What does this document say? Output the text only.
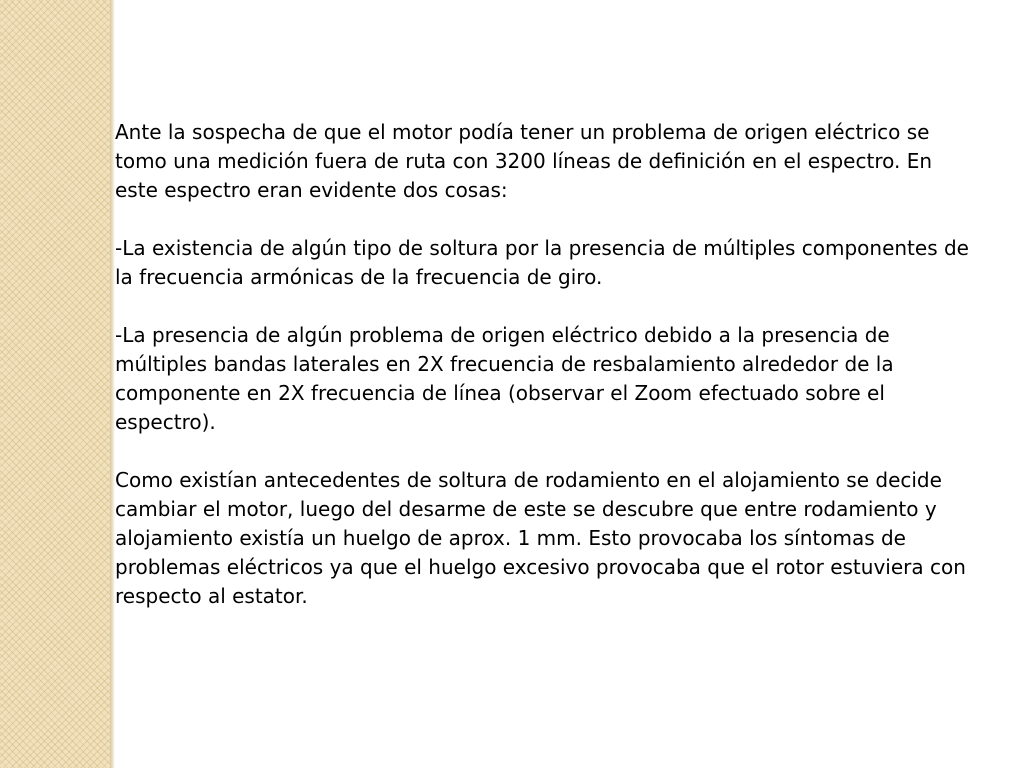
Ante la sospecha de que el motor podía tener un problema de origen eléctrico se tomo una medición fuera de ruta con 3200 líneas de definición en el espectro. En este espectro eran evidente dos cosas:

-La existencia de algún tipo de soltura por la presencia de múltiples componentes de la frecuencia armónicas de la frecuencia de giro.

-La presencia de algún problema de origen eléctrico debido a la presencia de múltiples bandas laterales en 2X frecuencia de resbalamiento alrededor de la componente en 2X frecuencia de línea (observar el Zoom efectuado sobre el espectro).

Como existían antecedentes de soltura de rodamiento en el alojamiento se decide cambiar el motor, luego del desarme de este se descubre que entre rodamiento y alojamiento existía un huelgo de aprox. 1 mm. Esto provocaba los síntomas de problemas eléctricos ya que el huelgo excesivo provocaba que el rotor estuviera con respecto al estator.
